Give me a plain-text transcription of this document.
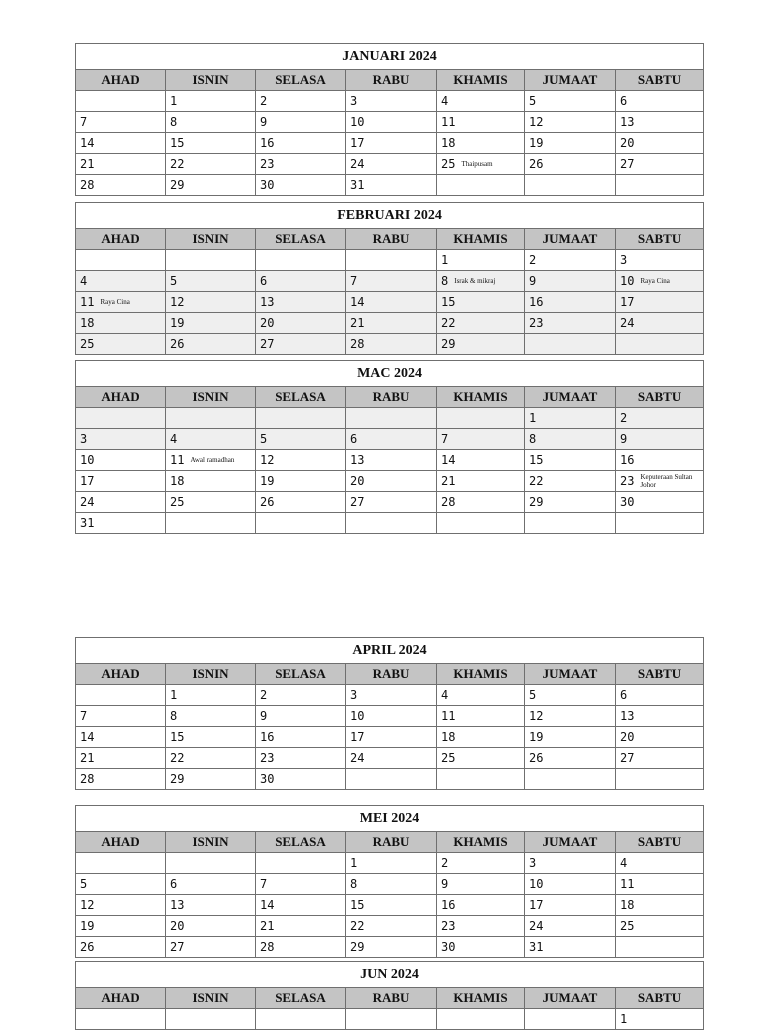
JANUARI 2024						
AHAD	ISNIN	SELASA	RABU	KHAMIS	JUMAAT	SABTU
	1	2	3	4	5	6
7	8	9	10	11	12	13
14	15	16	17	18	19	20
21	22	23	24	25 Thaipusam	26	27
28	29	30	31			
FEBRUARI 2024						
AHAD	ISNIN	SELASA	RABU	KHAMIS	JUMAAT	SABTU
				1	2	3
4	5	6	7	8 Israk & mikraj	9	10 Raya Cina
11 Raya Cina	12	13	14	15	16	17
18	19	20	21	22	23	24
25	26	27	28	29		
MAC 2024						
AHAD	ISNIN	SELASA	RABU	KHAMIS	JUMAAT	SABTU
					1	2
3	4	5	6	7	8	9
10	11 Awal ramadhan	12	13	14	15	16
17	18	19	20	21	22	23 Keputeraan Sultan Johor
24	25	26	27	28	29	30
31						
APRIL 2024						
AHAD	ISNIN	SELASA	RABU	KHAMIS	JUMAAT	SABTU
	1	2	3	4	5	6
7	8	9	10	11	12	13
14	15	16	17	18	19	20
21	22	23	24	25	26	27
28	29	30				
MEI 2024						
AHAD	ISNIN	SELASA	RABU	KHAMIS	JUMAAT	SABTU
			1	2	3	4
5	6	7	8	9	10	11
12	13	14	15	16	17	18
19	20	21	22	23	24	25
26	27	28	29	30	31	
JUN 2024						
AHAD	ISNIN	SELASA	RABU	KHAMIS	JUMAAT	SABTU
						1
